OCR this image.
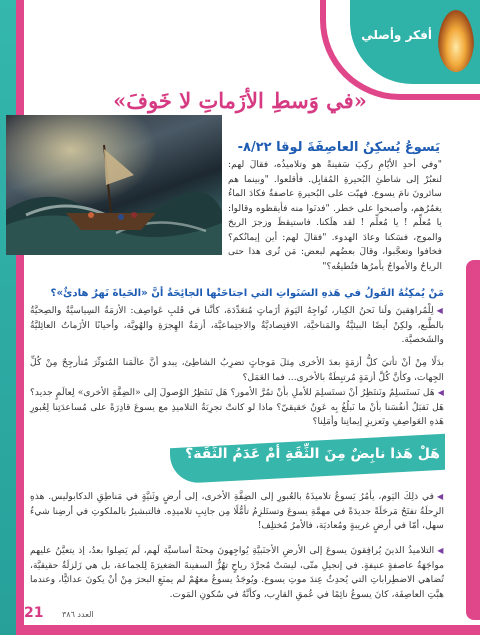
أفكر وأصلي
«في وَسطِ الأزَماتِ لا خَوفَ»
يَسوعُ يُسكِنُ العاصِفَةَ لوقا ٨/٢٢-
"وفي أحدِ الأيّامِ ركِبَ سَفينةً هو وتلاميذُه، فقالَ لهم: لنعبُرْ إلى شاطئِ البُحيرةِ المُقابِل. فأقلعوا. "وبينما هم سائرونَ نامَ يسوع. فهبّت على البُحيرةِ عاصفةٌ فكادَ الماءُ يغمُرُهم، وأصبحوا على خطر. "فدنَوا منه فأيقظوه وقالوا: يا مُعلِّم ! يا مُعلِّم ! لقد هلَكنا. فاستيقظَ وزجرَ الريحَ والموج، فسَكنا وعادَ الهدوء. "فقالَ لهم: أين إيمانُكم؟ فخافوا وتعجَّبوا، وقالَ بعضُهم لبعض: مَن تُرى هذا حتى الرياحُ والأمواجُ يأمرُها فتُطيعُه؟"
مَنْ يُمكِنُهُ القَولُ في هَذهِ السَنَواتِ التي اجتاحَتْها الجائِحَةُ أنَّ «الحَياةَ نَهرٌ هادئٌ»؟
◀ لِلْمُراهِقينَ ولَنا نَحنُ الكِبار، تُواجِهُ اليَومَ أزَماتٍ مُتعَدِّدَة، كأنَّنا في قَلبِ عَواصِف: الأزمَةُ السِياسيَّةُ والصِحيَّةُ بالطَّبع، ولكِنْ أيضًا البيئيَّةُ والمَناخيَّة، الاقتِصاديَّةُ والاجتِماعيَّة، أزمَةُ الهِجرَةِ والهُويَّة، وأحيانًا الأزَماتُ العائِليَّةُ والشَخصيَّة.
بدَلًا مِنْ أنْ تأتيَ كلُّ أزمَةٍ بعدَ الأخرى مِثلَ مَوجاتٍ تضرِبُ الشاطِئ، يبدو أنَّ عالَمَنا المُتوتِّرَ مُتأرجِحٌ مِنْ كُلِّ الجِهات، وكأنَّ كُلَّ أزمَةٍ مُرتبِطَةٌ بالأخرى... فما العَمَل؟
◀ هَل نَستَسلِمُ ونَنتَظِرُ أنْ تستَسلِمَ للأملِ بأنْ تمُرَّ الأمور؟ هَل نَنتَظِرُ الوُصولَ إلى «الضِفَّةِ الأخرى» لِعالَمٍ جديد؟ هَل نَقبَلُ أنفُسَنا بأنْ ما نَبلُغُ بِه عَونٌ حَقيقيّ؟ ماذا لو كانتْ تجرِبَةُ التلاميذِ مع يسوعَ قادِرَةً على مُساعدَتِنا لِعُبورِ هَذهِ العَواصِفِ وتَعزيزِ إيمانِنا وأمَلِنا؟
هَلْ هَذا نابِضٌ مِنَ الثِّقَةِ أمْ عَدَمُ الثِّقَة؟
◀ في ذلِكَ اليَوم، يأمُرُ يَسوعُ تلاميذَهُ بالعُبورِ إلى الضِفَّةِ الأخرى، إلى أرضٍ وثَنيَّةٍ في مَناطِقِ الدكابوليس. هذهِ الرِحلَةُ تفتَحُ مَرحَلَةً جديدَةً في مهمَّةِ يسوعَ وتستَلزِمُ تأمُّلًا مِن جانِبِ تلاميذِه. فالتبشيرُ بالملكوتِ في أرضِنا شيءٌ سهل، أمّا في أرضٍ غريبةٍ ومُعاديَة، فالأمرُ مُختلِف!
◀ التلاميذُ الذينَ يُرافِقونَ يسوعَ إلى الأرضِ الأجنَبيَّةِ يُواجِهونَ مِحنَةً أساسيَّة لَهم، لَم يَصِلوا بعدُ، إذ يتعيَّنُ عليهم مواجَهَةُ عاصفةٍ عنيفةٍ. في إنجيلِ متّى، ليسَتْ مُجرَّدَ رياحٍ تهُزُّ السفينةَ الصَغيرَةَ لِلجماعة، بل هي زَلزلَةٌ حقيقيَّة، تُضاهي الاضطِراباتِ التي يُحدِثُ عِندَ موتِ يسوع. ويُوجَدُ يسوعُ معهُمْ لم يمنَعِ البحرَ مِنْ أنْ يكونَ عدائيًّا، وعندما هبَّتِ العاصِفَة، كانَ يسوعُ نائِمًا في عُمقِ القارِب، وكأنَّهُ في سُكونِ المَوت.
21 العدد ٣٨٦
